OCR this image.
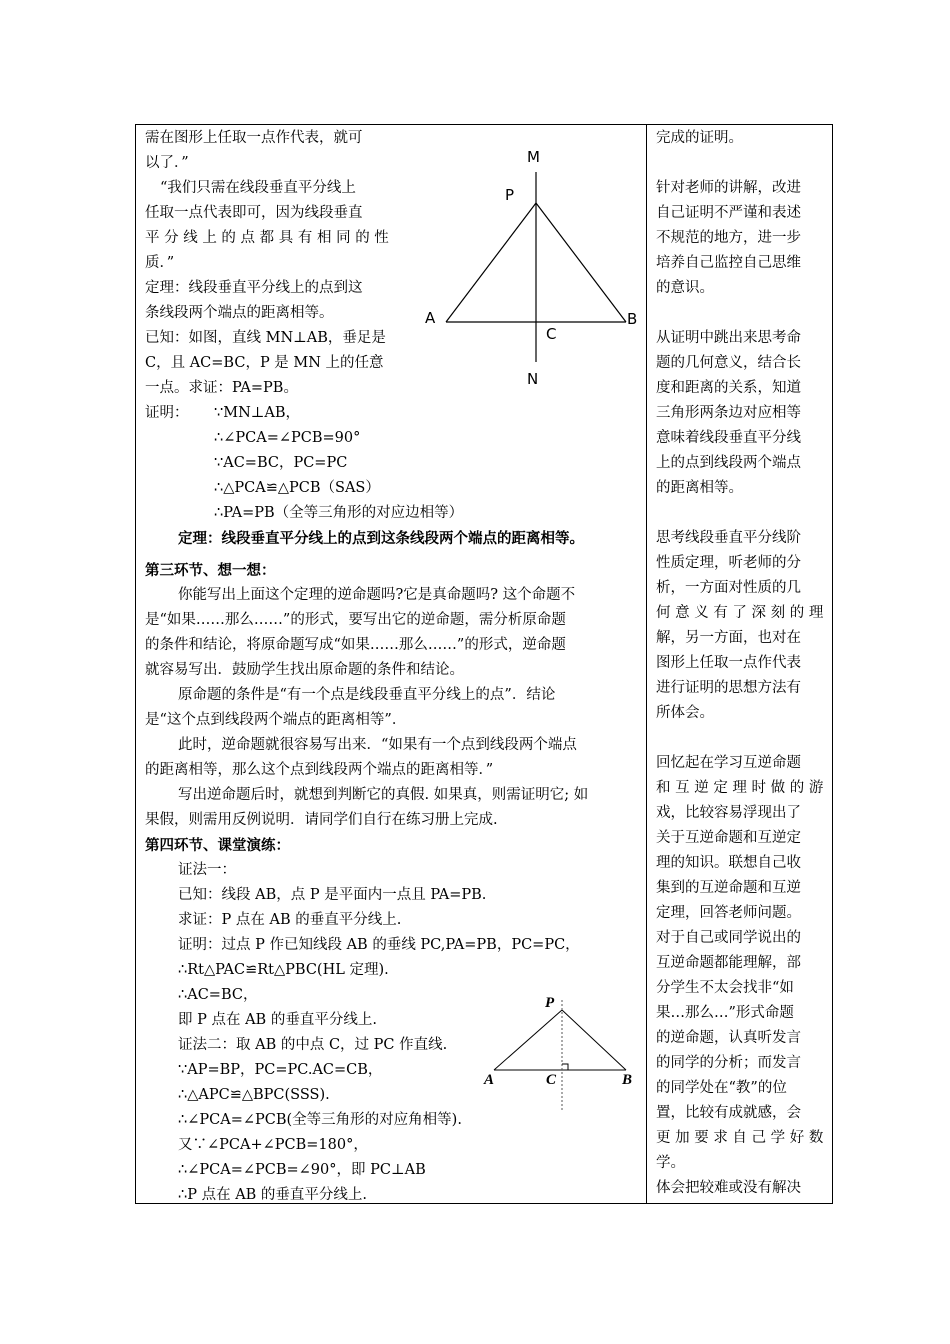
需在图形上任取一点作代表，就可
以了．”
“我们只需在线段垂直平分线上
任取一点代表即可，因为线段垂直
平 分 线 上 的 点 都 具 有 相 同 的 性
质．”
定理：线段垂直平分线上的点到这
条线段两个端点的距离相等。
已知：如图，直线 MN⊥AB，垂足是
C，且 AC=BC，P 是 MN 上的任意
一点。求证：PA=PB。
证明： ∵MN⊥AB，
∴∠PCA=∠PCB=90°
∵AC=BC，PC=PC
∴△PCA≌△PCB（SAS）
∴PA=PB（全等三角形的对应边相等）
定理：线段垂直平分线上的点到这条线段两个端点的距离相等。
第三环节、想一想：
你能写出上面这个定理的逆命题吗?它是真命题吗? 这个命题不
是“如果……那么……”的形式，要写出它的逆命题，需分析原命题
的条件和结论，将原命题写成“如果……那么……”的形式，逆命题
就容易写出．鼓励学生找出原命题的条件和结论。
原命题的条件是“有一个点是线段垂直平分线上的点”．结论
是“这个点到线段两个端点的距离相等”．
此时，逆命题就很容易写出来．“如果有一个点到线段两个端点
的距离相等，那么这个点到线段两个端点的距离相等．”
写出逆命题后时，就想到判断它的真假. 如果真，则需证明它; 如
果假，则需用反例说明．请同学们自行在练习册上完成.
第四环节、课堂演练：
证法一：
已知：线段 AB，点 P 是平面内一点且 PA=PB.
求证：P 点在 AB 的垂直平分线上.
证明：过点 P 作已知线段 AB 的垂线 PC,PA=PB，PC=PC，
∴Rt△PAC≌Rt△PBC(HL 定理).
∴AC=BC，
即 P 点在 AB 的垂直平分线上.
证法二：取 AB 的中点 C，过 PC 作直线.
∵AP=BP，PC=PC.AC=CB，
∴△APC≌△BPC(SSS).
∴∠PCA=∠PCB(全等三角形的对应角相等).
又∵∠PCA+∠PCB=180°，
∴∠PCA=∠PCB=∠90°，即 PC⊥AB
∴P 点在 AB 的垂直平分线上.
M
P
A	B
C
N
P
A	C	B
完成的证明。
针对老师的讲解，改进
自己证明不严谨和表述
不规范的地方，进一步
培养自己监控自己思维
的意识。
从证明中跳出来思考命
题的几何意义，结合长
度和距离的关系，知道
三角形两条边对应相等
意味着线段垂直平分线
上的点到线段两个端点
的距离相等。
思考线段垂直平分线阶
性质定理，听老师的分
析，一方面对性质的几
何 意 义 有 了 深 刻 的 理
解，另一方面，也对在
图形上任取一点作代表
进行证明的思想方法有
所体会。
回忆起在学习互逆命题
和 互 逆 定 理 时 做 的 游
戏，比较容易浮现出了
关于互逆命题和互逆定
理的知识。联想自己收
集到的互逆命题和互逆
定理，回答老师问题。
对于自己或同学说出的
互逆命题都能理解，部
分学生不太会找非“如
果…那么…”形式命题
的逆命题，认真听发言
的同学的分析；而发言
的同学处在“教”的位
置，比较有成就感，会
更 加 要 求 自 己 学 好 数
学。
体会把较难或没有解决
